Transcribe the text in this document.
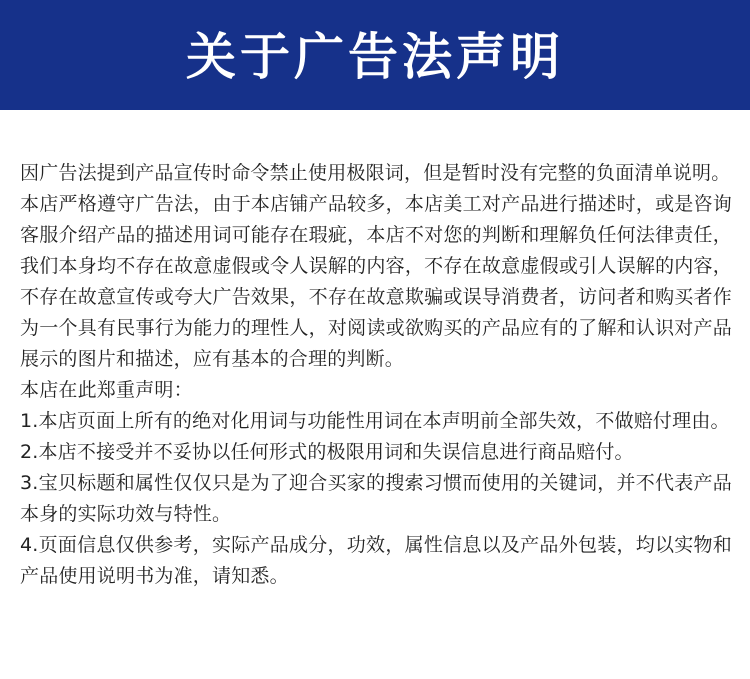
关于广告法声明

因广告法提到产品宣传时命令禁止使用极限词，但是暂时没有完整的负面清单说明。

本店严格遵守广告法，由于本店铺产品较多，本店美工对产品进行描述时，或是咨询客服介绍产品的描述用词可能存在瑕疵，本店不对您的判断和理解负任何法律责任，我们本身均不存在故意虚假或令人误解的内容，不存在故意虚假或引人误解的内容，不存在故意宣传或夸大广告效果，不存在故意欺骗或误导消费者，访问者和购买者作为一个具有民事行为能力的理性人，对阅读或欲购买的产品应有的了解和认识对产品展示的图片和描述，应有基本的合理的判断。

本店在此郑重声明：

1.本店页面上所有的绝对化用词与功能性用词在本声明前全部失效，不做赔付理由。

2.本店不接受并不妥协以任何形式的极限用词和失误信息进行商品赔付。

3.宝贝标题和属性仅仅只是为了迎合买家的搜索习惯而使用的关键词，并不代表产品本身的实际功效与特性。

4.页面信息仅供参考，实际产品成分，功效，属性信息以及产品外包装，均以实物和产品使用说明书为准，请知悉。
